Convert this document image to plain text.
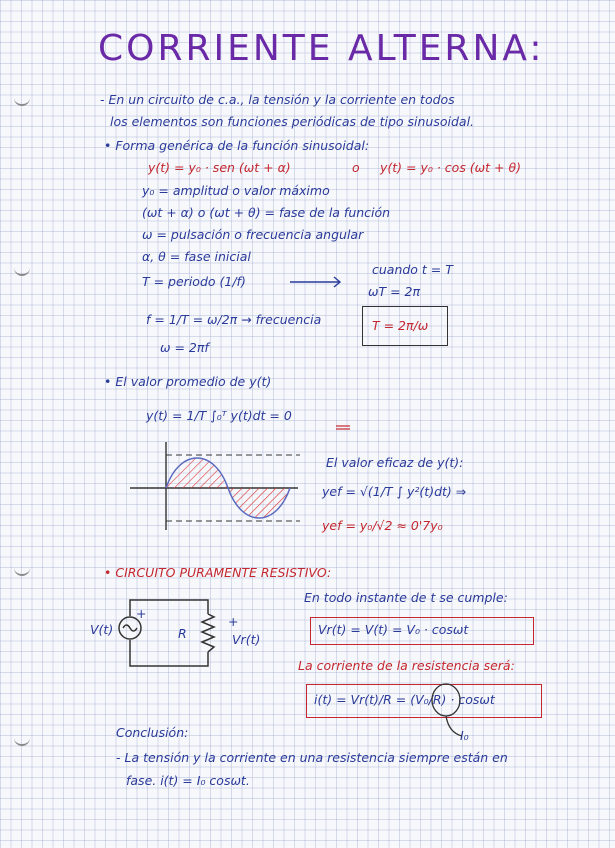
CORRIENTE ALTERNA:
- En un circuito de c.a., la tensión y la corriente en todos
los elementos son funciones periódicas de tipo sinusoidal.
• Forma genérica de la función sinusoidal:
y(t) = y₀ · sen (ωt + α)	o y(t) = y₀ · cos (ωt + θ)
y₀ = amplitud o valor máximo
(ωt + α) o (ωt + θ) = fase de la función
ω = pulsación o frecuencia angular
α, θ = fase inicial
T = periodo (1/f)
cuando t = T
ωT = 2π
f = 1/T = ω/2π → frecuencia
ω = 2πf
T = 2π/ω
• El valor promedio de y(t)
y(t) = 1/T ∫₀ᵀ y(t)dt = 0
El valor eficaz de y(t):
yef = √(1/T ∫ y²(t)dt) ⇒
yef = y₀/√2 ≈ 0'7y₀
• CIRCUITO PURAMENTE RESISTIVO:
En todo instante de t se cumple:
Vr(t) = V(t) = V₀ · cosωt
La corriente de la resistencia será:
i(t) = Vr(t)/R = (V₀/R) · cosωt
I₀
V(t)
+
+
R	Vr(t)
Conclusión:
- La tensión y la corriente en una resistencia siempre están en
fase. i(t) = I₀ cosωt.
